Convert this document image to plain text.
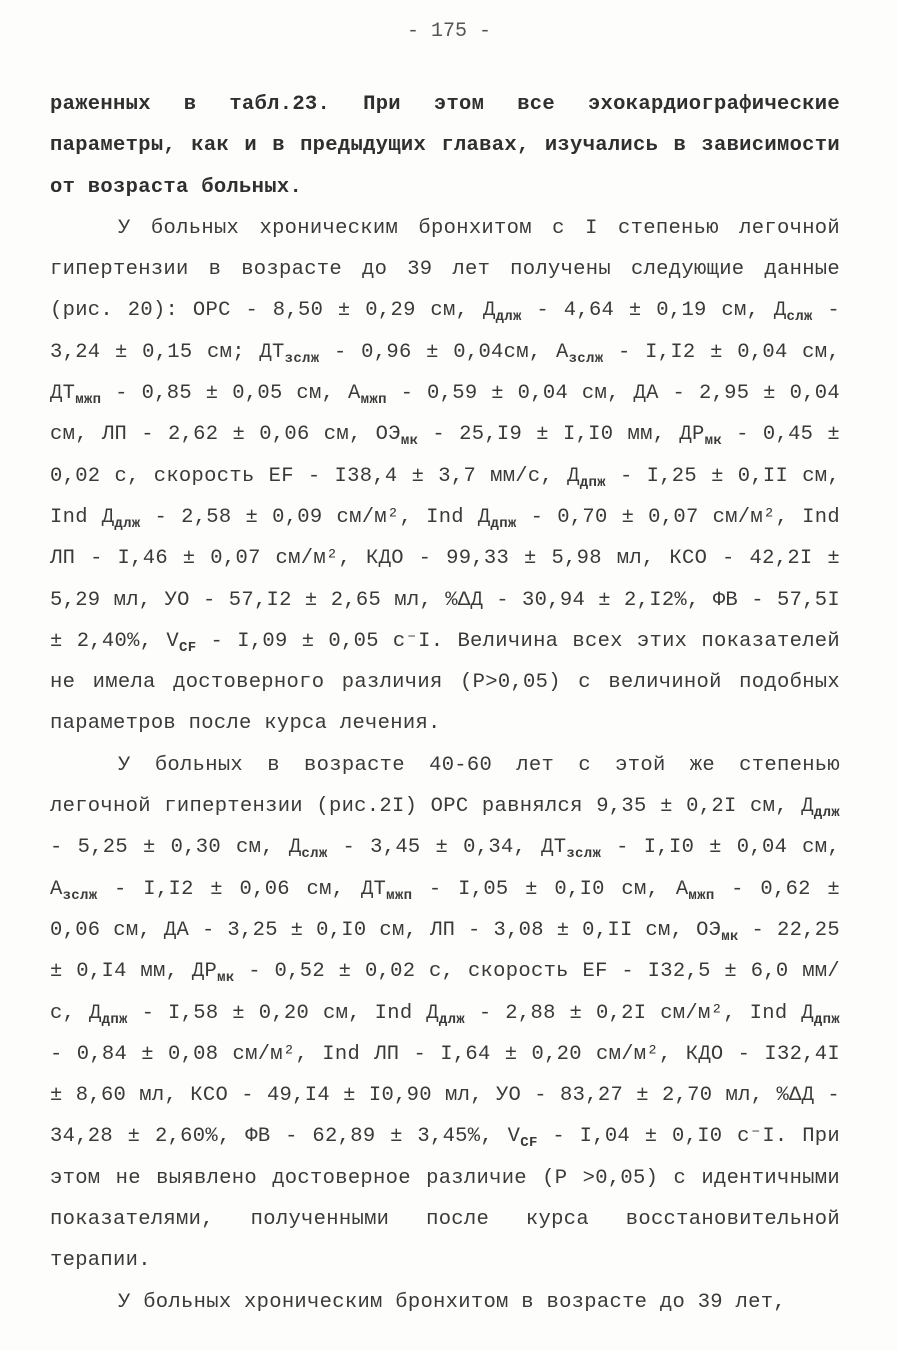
- 175 -

раженных в табл.23. При этом все эхокардиографические параметры, как и в предыдущих главах, изучались в зависимости от возраста больных.

У больных хроническим бронхитом с I степенью легочной гипертензии в возрасте до 39 лет получены следующие данные (рис. 20): ОРС - 8,50 ± 0,29 см, $Д_{длж} - 4,64 \pm 0,19$ см, $Д_{слж} - 3,24 \pm 0,15$ см; $ДТ_{зслж} - 0,96 \pm 0,04см$, $А_{зслж} - I,I2 \pm 0,04$ см, $ДТ_{мжп} - 0,85 \pm 0,05$ см, $А_{мжп} - 0,59 \pm 0,04$ см, ДА - 2,95 ± 0,04 см, ЛП - 2,62 ± 0,06 см, $ОЭ_{мк} - 25,I9 \pm I,I0$ мм, $ДР_{мк} - 0,45 \pm 0,02$ с, скорость EF - I38,4 ± 3,7 мм/с, $Д_{дпж} - I,25 \pm 0,II$ см, Ind $Д_{длж} - 2,58 \pm 0,09$ см/м², Ind $Д_{дпж} - 0,70 \pm 0,07$ см/м², Ind ЛП - I,46 ± 0,07 см/м², КДО - 99,33 ± 5,98 мл, КСО - 42,2I ± 5,29 мл, УО - 57,I2 ± 2,65 мл, %ΔД - 30,94 ± 2,I2%, ФВ - 57,5I ± 2,40%, $V_{CF} - I,09 \pm 0,05$ с⁻I. Величина всех этих показателей не имела достоверного различия (P>0,05) с величиной подобных параметров после курса лечения.

У больных в возрасте 40-60 лет с этой же степенью легочной гипертензии (рис.2I) ОРС равнялся 9,35 ± 0,2I см, $Д_{длж} - 5,25 \pm 0,30$ см, $Д_{слж} - 3,45 \pm 0,34$, $ДТ_{зслж} - I,I0 \pm 0,04$ см, $А_{зслж} - I,I2 \pm 0,06$ см, $ДТ_{мжп} - I,05 \pm 0,I0$ см, $А_{мжп} - 0,62 \pm 0,06$ см, ДА - 3,25 ± 0,I0 см, ЛП - 3,08 ± 0,II см, $ОЭ_{мк} - 22,25 \pm 0,I4$ мм, $ДР_{мк} - 0,52 \pm 0,02$ с, скорость EF - I32,5 ± 6,0 мм/с, $Д_{дпж} - I,58 \pm 0,20$ см, Ind $Д_{длж} - 2,88 \pm 0,2I$ см/м², Ind $Д_{дпж} - 0,84 \pm 0,08$ см/м², Ind ЛП - I,64 ± 0,20 см/м², КДО - I32,4I ± 8,60 мл, КСО - 49,I4 ± I0,90 мл, УО - 83,27 ± 2,70 мл, %ΔД - 34,28 ± 2,60%, ФВ - 62,89 ± 3,45%, $V_{CF} - I,04 \pm 0,I0$ с⁻I. При этом не выявлено достоверное различие (P >0,05) с идентичными показателями, полученными после курса восстановительной терапии.

У больных хроническим бронхитом в возрасте до 39 лет,
